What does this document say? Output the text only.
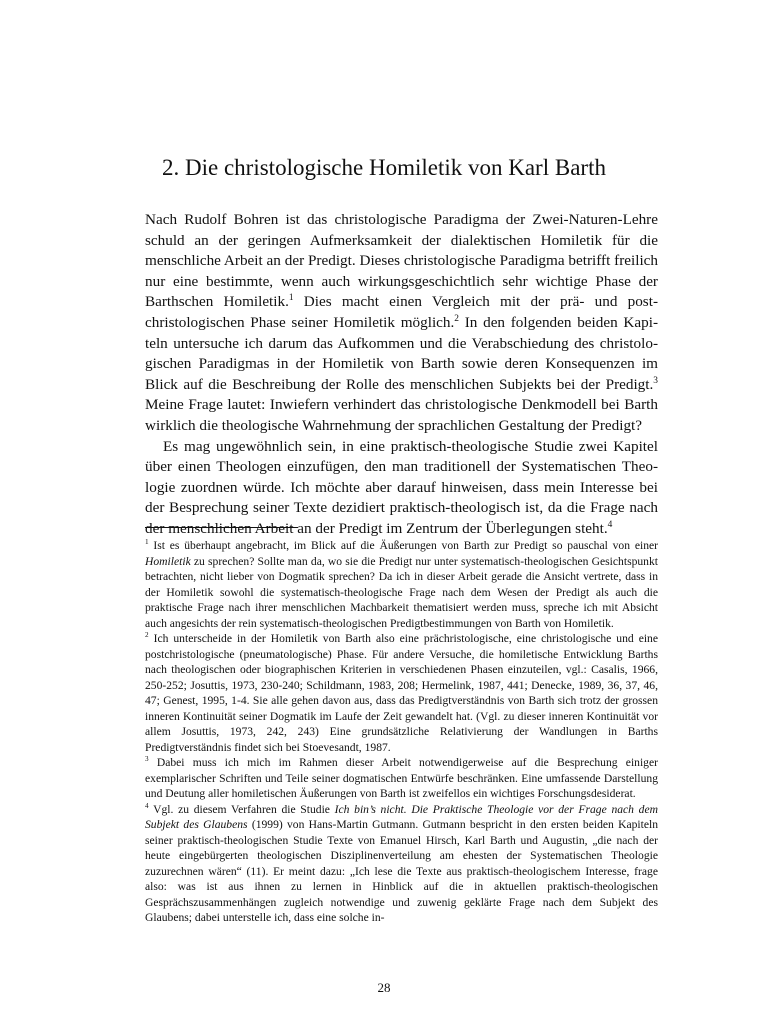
2. Die christologische Homiletik von Karl Barth

Nach Rudolf Bohren ist das christologische Paradigma der Zwei-Naturen-Lehre schuld an der geringen Aufmerksamkeit der dialektischen Homiletik für die menschliche Arbeit an der Predigt. Dieses christologische Paradigma betrifft freilich nur eine bestimmte, wenn auch wirkungsgeschichtlich sehr wichtige Phase der Barthschen Homiletik.$^1$ Dies macht einen Vergleich mit der prä- und postchristologischen Phase seiner Homiletik möglich.$^2$ In den folgenden beiden Kapiteln untersuche ich darum das Aufkommen und die Verabschiedung des christologischen Paradigmas in der Homiletik von Barth sowie deren Konsequenzen im Blick auf die Beschreibung der Rolle des menschlichen Subjekts bei der Predigt.$^3$ Meine Frage lautet: Inwiefern verhindert das christologische Denkmodell bei Barth wirklich die theologische Wahrnehmung der sprachlichen Gestaltung der Predigt?

Es mag ungewöhnlich sein, in eine praktisch-theologische Studie zwei Kapitel über einen Theologen einzufügen, den man traditionell der Systematischen Theologie zuordnen würde. Ich möchte aber darauf hinweisen, dass mein Interesse bei der Besprechung seiner Texte dezidiert praktisch-theologisch ist, da die Frage nach der menschlichen Arbeit an der Predigt im Zentrum der Überlegungen steht.$^4$

$^1$ Ist es überhaupt angebracht, im Blick auf die Äußerungen von Barth zur Predigt so pauschal von einer Homiletik zu sprechen? Sollte man da, wo sie die Predigt nur unter systematisch-theologischen Gesichtspunkt betrachten, nicht lieber von Dogmatik sprechen? Da ich in dieser Arbeit gerade die Ansicht vertrete, dass in der Homiletik sowohl die systematisch-theologische Frage nach dem Wesen der Predigt als auch die praktische Frage nach ihrer menschlichen Machbarkeit thematisiert werden muss, spreche ich mit Absicht auch angesichts der rein systematisch-theologischen Predigtbestimmungen von Barth von Homiletik.

$^2$ Ich unterscheide in der Homiletik von Barth also eine prächristologische, eine christologische und eine postchristologische (pneumatologische) Phase. Für andere Versuche, die homiletische Entwicklung Barths nach theologischen oder biographischen Kriterien in verschiedenen Phasen einzuteilen, vgl.: Casalis, 1966, 250-252; Josuttis, 1973, 230-240; Schildmann, 1983, 208; Hermelink, 1987, 441; Denecke, 1989, 36, 37, 46, 47; Genest, 1995, 1-4. Sie alle gehen davon aus, dass das Predigtverständnis von Barth sich trotz der grossen inneren Kontinuität seiner Dogmatik im Laufe der Zeit gewandelt hat. (Vgl. zu dieser inneren Kontinuität vor allem Josuttis, 1973, 242, 243) Eine grundsätzliche Relativierung der Wandlungen in Barths Predigtverständnis findet sich bei Stoevesandt, 1987.

$^3$ Dabei muss ich mich im Rahmen dieser Arbeit notwendigerweise auf die Besprechung einiger exemplarischer Schriften und Teile seiner dogmatischen Entwürfe beschränken. Eine umfassende Darstellung und Deutung aller homiletischen Äußerungen von Barth ist zweifellos ein wichtiges Forschungsdesiderat.

$^4$ Vgl. zu diesem Verfahren die Studie Ich bin’s nicht. Die Praktische Theologie vor der Frage nach dem Subjekt des Glaubens (1999) von Hans-Martin Gutmann. Gutmann bespricht in den ersten beiden Kapiteln seiner praktisch-theologischen Studie Texte von Emanuel Hirsch, Karl Barth und Augustin, „die nach der heute eingebürgerten theologischen Disziplinenverteilung am ehesten der Systematischen Theologie zuzurechnen wären“ (11). Er meint dazu: „Ich lese die Texte aus praktisch-theologischem Interesse, frage also: was ist aus ihnen zu lernen in Hinblick auf die in aktuellen praktisch-theologischen Gesprächszusammenhängen zugleich notwendige und zuwenig geklärte Frage nach dem Subjekt des Glaubens; dabei unterstelle ich, dass eine solche in-

28
